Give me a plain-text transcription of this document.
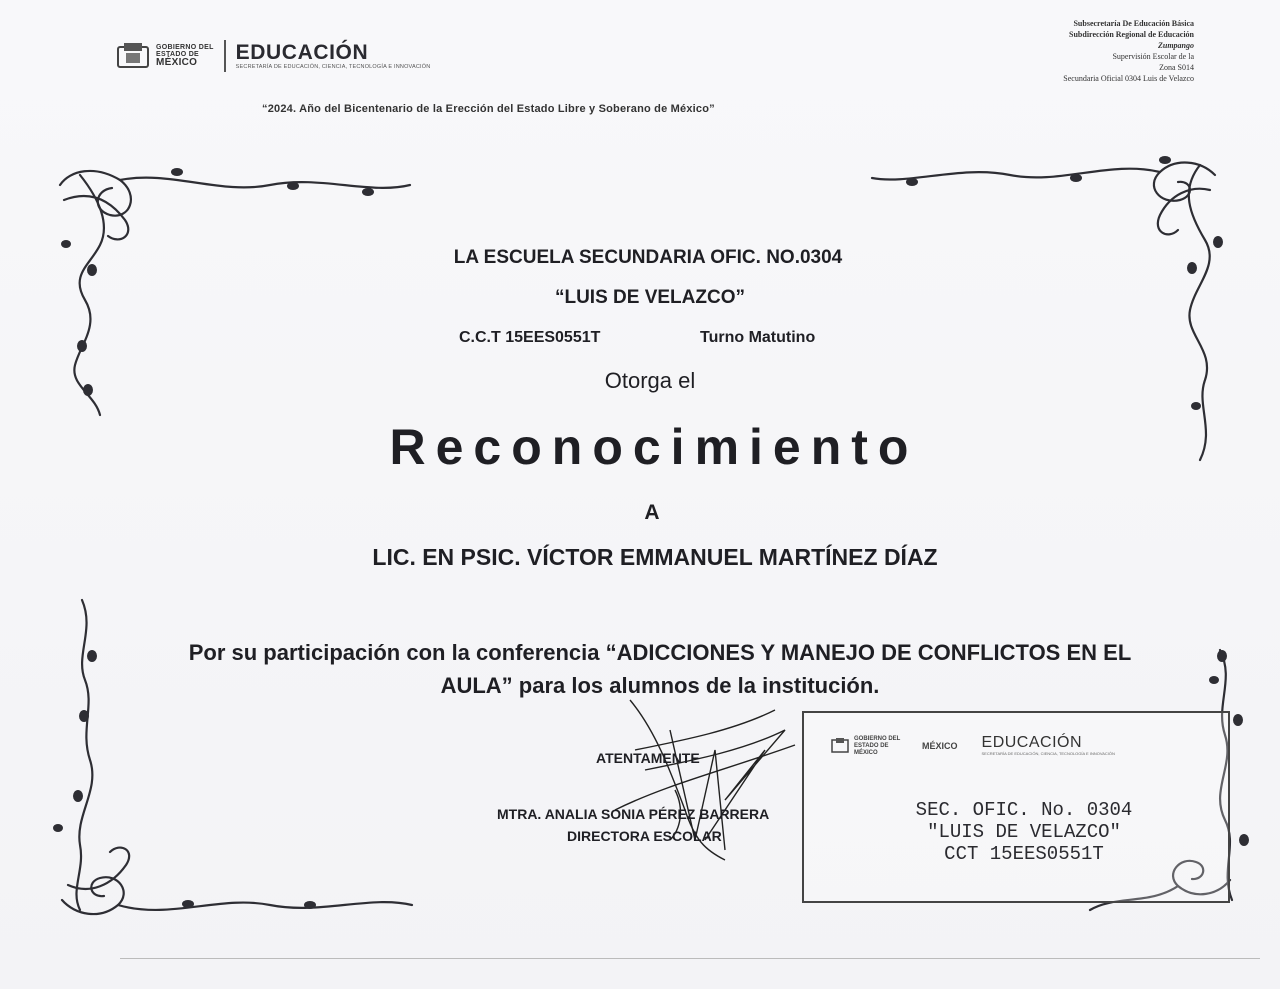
GOBIERNO DEL
ESTADO DE
MÉXICO	EDUCACIÓN
SECRETARÍA DE EDUCACIÓN, CIENCIA, TECNOLOGÍA E INNOVACIÓN
Subsecretaría De Educación Básica
Subdirección Regional de Educación
Zumpango
Supervisión Escolar de la
Zona S014
Secundaria Oficial 0304 Luis de Velazco
“2024. Año del Bicentenario de la Erección del Estado Libre y Soberano de México”
LA ESCUELA SECUNDARIA OFIC. NO.0304
“LUIS DE VELAZCO”
C.C.T 15EES0551T	Turno Matutino
Otorga el
Reconocimiento
A
LIC. EN PSIC. VÍCTOR EMMANUEL MARTÍNEZ DÍAZ
Por su participación con la conferencia “ADICCIONES Y MANEJO DE CONFLICTOS EN EL AULA” para los alumnos de la institución.
ATENTAMENTE
MTRA. ANALIA SONIA PÉREZ BARRERA
DIRECTORA ESCOLAR
GOBIERNO DEL ESTADO DE MÉXICO
MÉXICO EDUCACIÓN
SECRETARÍA DE EDUCACIÓN, CIENCIA, TECNOLOGÍA E INNOVACIÓN
SEC. OFIC. No. 0304
"LUIS DE VELAZCO"
CCT 15EES0551T
